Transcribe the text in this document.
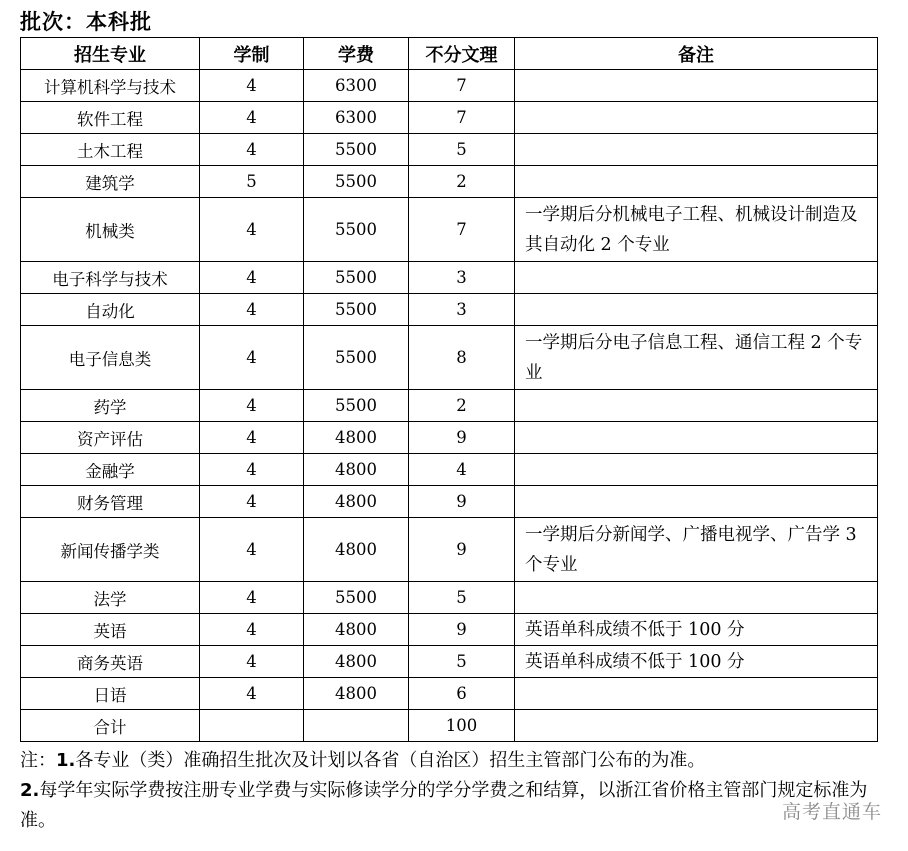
批次：本科批
招生专业	学制	学费	不分文理	备注
计算机科学与技术	4	6300	7	
软件工程	4	6300	7	
土木工程	4	5500	5	
建筑学	5	5500	2	
机械类	4	5500	7	一学期后分机械电子工程、机械设计制造及其自动化 2 个专业
电子科学与技术	4	5500	3	
自动化	4	5500	3	
电子信息类	4	5500	8	一学期后分电子信息工程、通信工程 2 个专业
药学	4	5500	2	
资产评估	4	4800	9	
金融学	4	4800	4	
财务管理	4	4800	9	
新闻传播学类	4	4800	9	一学期后分新闻学、广播电视学、广告学 3 个专业
法学	4	5500	5	
英语	4	4800	9	英语单科成绩不低于 100 分
商务英语	4	4800	5	英语单科成绩不低于 100 分
日语	4	4800	6	
合计			100	

注：1.各专业（类）准确招生批次及计划以各省（自治区）招生主管部门公布的为准。

2.每学年实际学费按注册专业学费与实际修读学分的学分学费之和结算，以浙江省价格主管部门规定标准为准。	高考直通车
